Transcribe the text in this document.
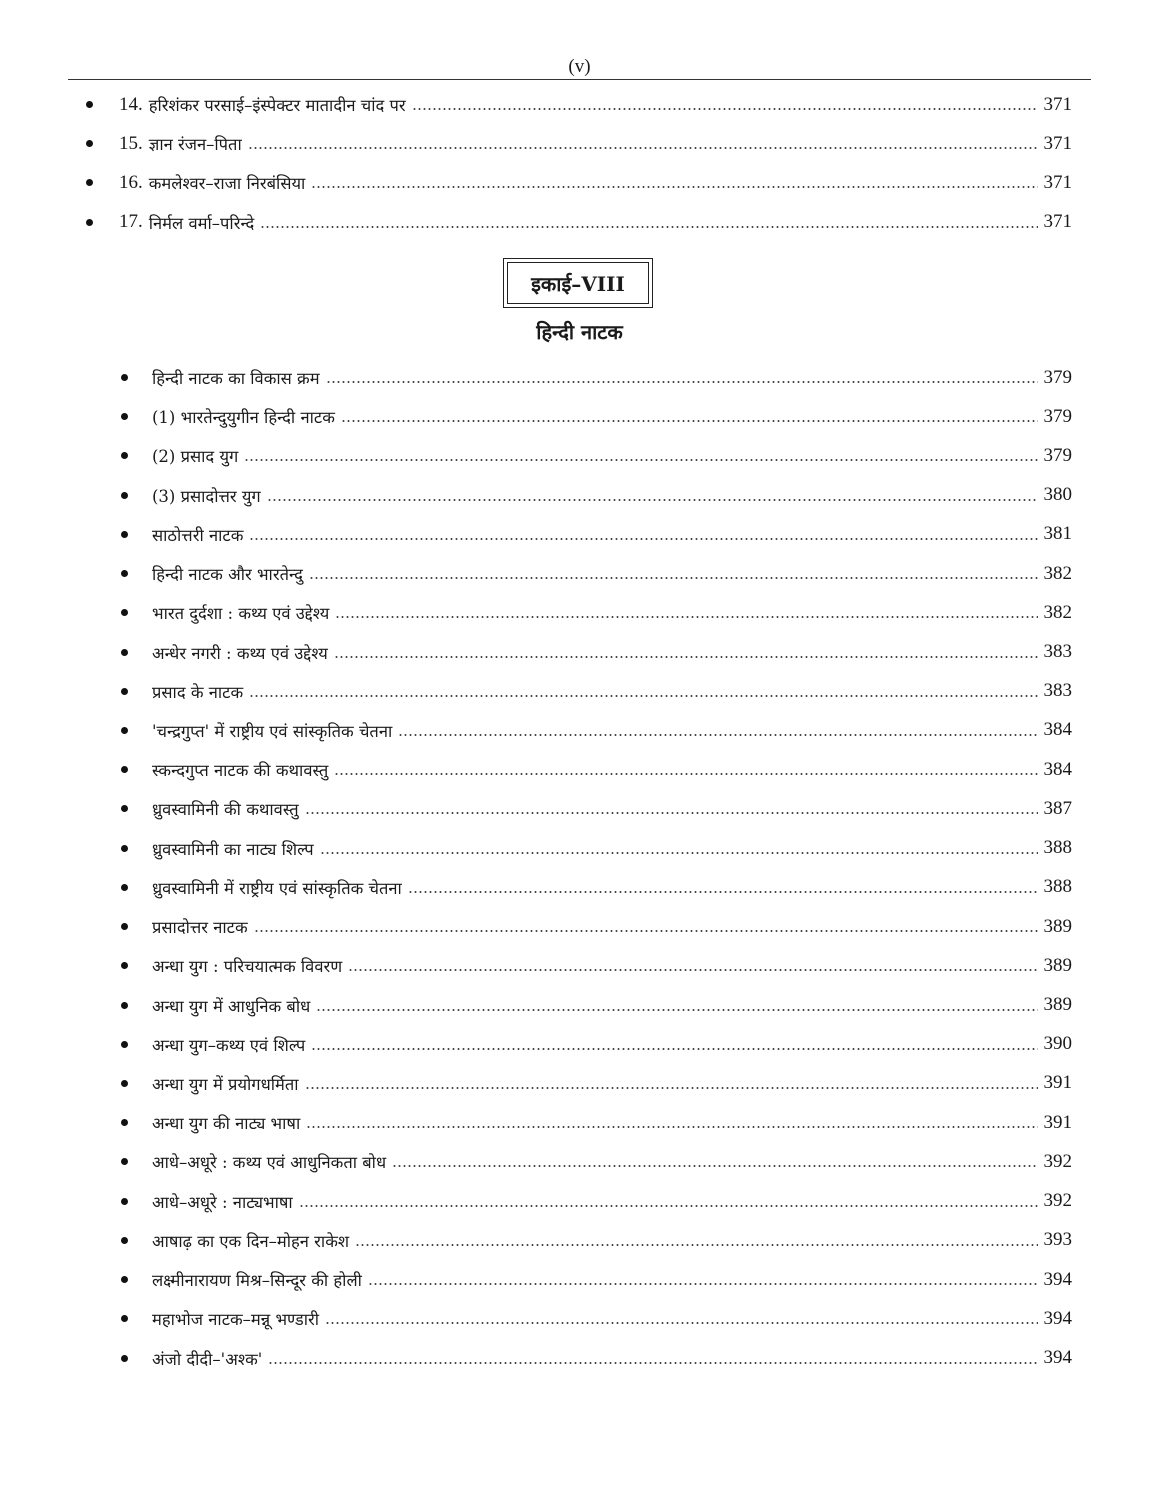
(v)
14. हरिशंकर परसाई–इंस्पेक्टर मातादीन चांद पर	371
15. ज्ञान रंजन–पिता	371
16. कमलेश्वर–राजा निरबंसिया	371
17. निर्मल वर्मा–परिन्दे	371
इकाई–VIII
हिन्दी नाटक
हिन्दी नाटक का विकास क्रम	379
(1) भारतेन्दुयुगीन हिन्दी नाटक	379
(2) प्रसाद युग	379
(3) प्रसादोत्तर युग	380
साठोत्तरी नाटक	381
हिन्दी नाटक और भारतेन्दु	382
भारत दुर्दशा : कथ्य एवं उद्देश्य	382
अन्धेर नगरी : कथ्य एवं उद्देश्य	383
प्रसाद के नाटक	383
'चन्द्रगुप्त' में राष्ट्रीय एवं सांस्कृतिक चेतना	384
स्कन्दगुप्त नाटक की कथावस्तु	384
ध्रुवस्वामिनी की कथावस्तु	387
ध्रुवस्वामिनी का नाट्य शिल्प	388
ध्रुवस्वामिनी में राष्ट्रीय एवं सांस्कृतिक चेतना	388
प्रसादोत्तर नाटक	389
अन्धा युग : परिचयात्मक विवरण	389
अन्धा युग में आधुनिक बोध	389
अन्धा युग–कथ्य एवं शिल्प	390
अन्धा युग में प्रयोगधर्मिता	391
अन्धा युग की नाट्य भाषा	391
आधे–अधूरे : कथ्य एवं आधुनिकता बोध	392
आधे–अधूरे : नाट्यभाषा	392
आषाढ़ का एक दिन–मोहन राकेश	393
लक्ष्मीनारायण मिश्र–सिन्दूर की होली	394
महाभोज नाटक–मन्नू भण्डारी	394
अंजो दीदी–'अश्क'	394
